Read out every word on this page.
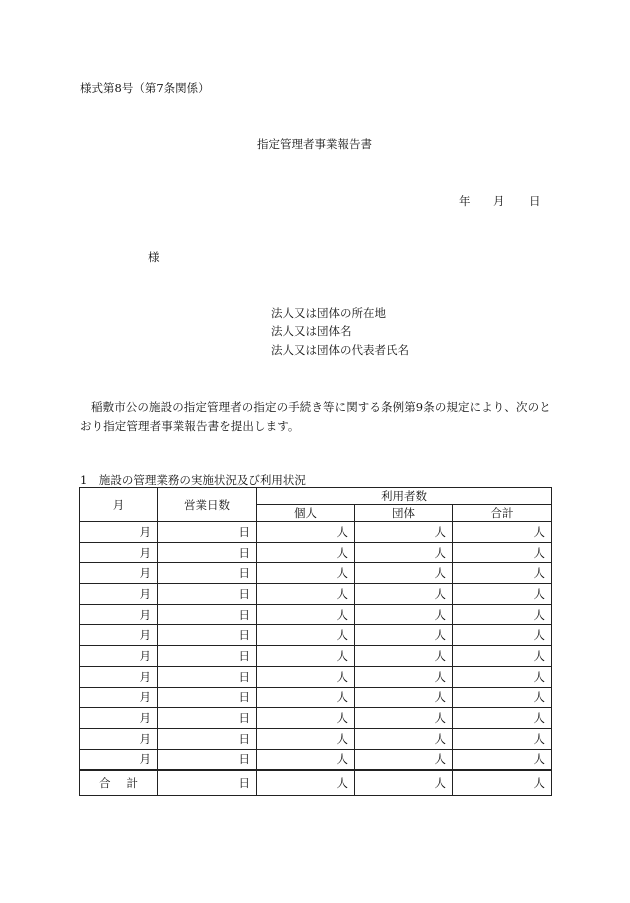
様式第8号（第7条関係）
指定管理者事業報告書
年 月 日
様
法人又は団体の所在地
法人又は団体名
法人又は団体の代表者氏名
稲敷市公の施設の指定管理者の指定の手続き等に関する条例第9条の規定により、次のとおり指定管理者事業報告書を提出します。
1　施設の管理業務の実施状況及び利用状況
月	営業日数	利用者数		
		個人	団体	合計
月	日	人	人	人
月	日	人	人	人
月	日	人	人	人
月	日	人	人	人
月	日	人	人	人
月	日	人	人	人
月	日	人	人	人
月	日	人	人	人
月	日	人	人	人
月	日	人	人	人
月	日	人	人	人
月	日	人	人	人
合 計	日	人	人	人
